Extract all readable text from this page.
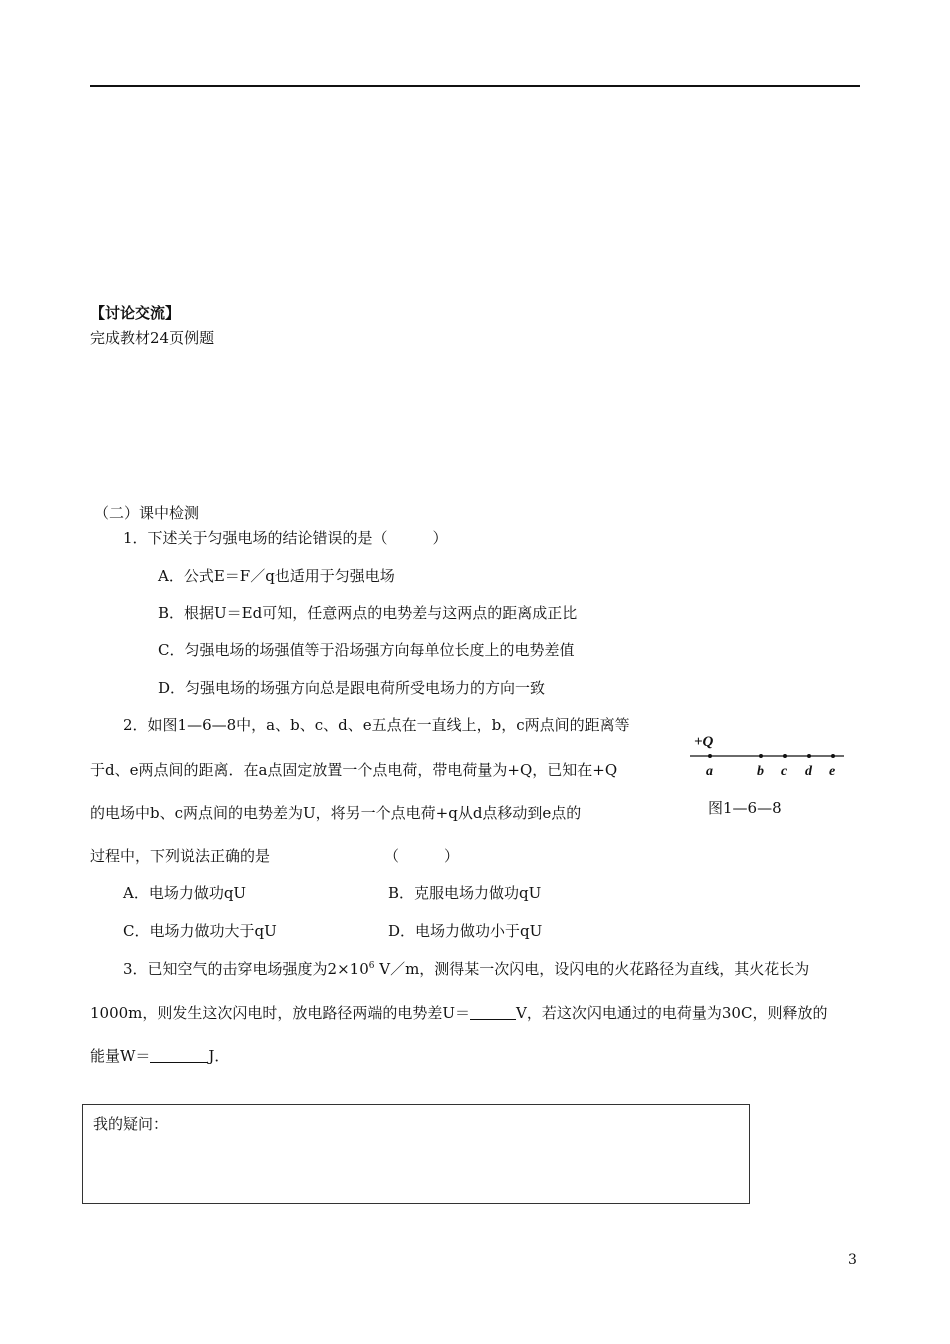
【讨论交流】
完成教材24页例题
（二）课中检测
1．下述关于匀强电场的结论错误的是（　　　）
A．公式E＝F／q也适用于匀强电场
B．根据U＝Ed可知，任意两点的电势差与这两点的距离成正比
C．匀强电场的场强值等于沿场强方向每单位长度上的电势差值
D．匀强电场的场强方向总是跟电荷所受电场力的方向一致
2．如图1—6—8中，a、b、c、d、e五点在一直线上，b，c两点间的距离等
于d、e两点间的距离．在a点固定放置一个点电荷，带电荷量为+Q，已知在+Q
的电场中b、c两点间的电势差为U，将另一个点电荷+q从d点移动到e点的
过程中，下列说法正确的是	（　　　）
A．电场力做功qU	B．克服电场力做功qU
C．电场力做功大于qU	D．电场力做功小于qU
+Q
a	b c d e
图1—6—8
3．已知空气的击穿电场强度为$2\times 10^6$ V／m，测得某一次闪电，设闪电的火花路径为直线，其火花长为
1000m，则发生这次闪电时，放电路径两端的电势差U＝	V，若这次闪电通过的电荷量为30C，则释放的
能量W＝	J．
我的疑问：
3
